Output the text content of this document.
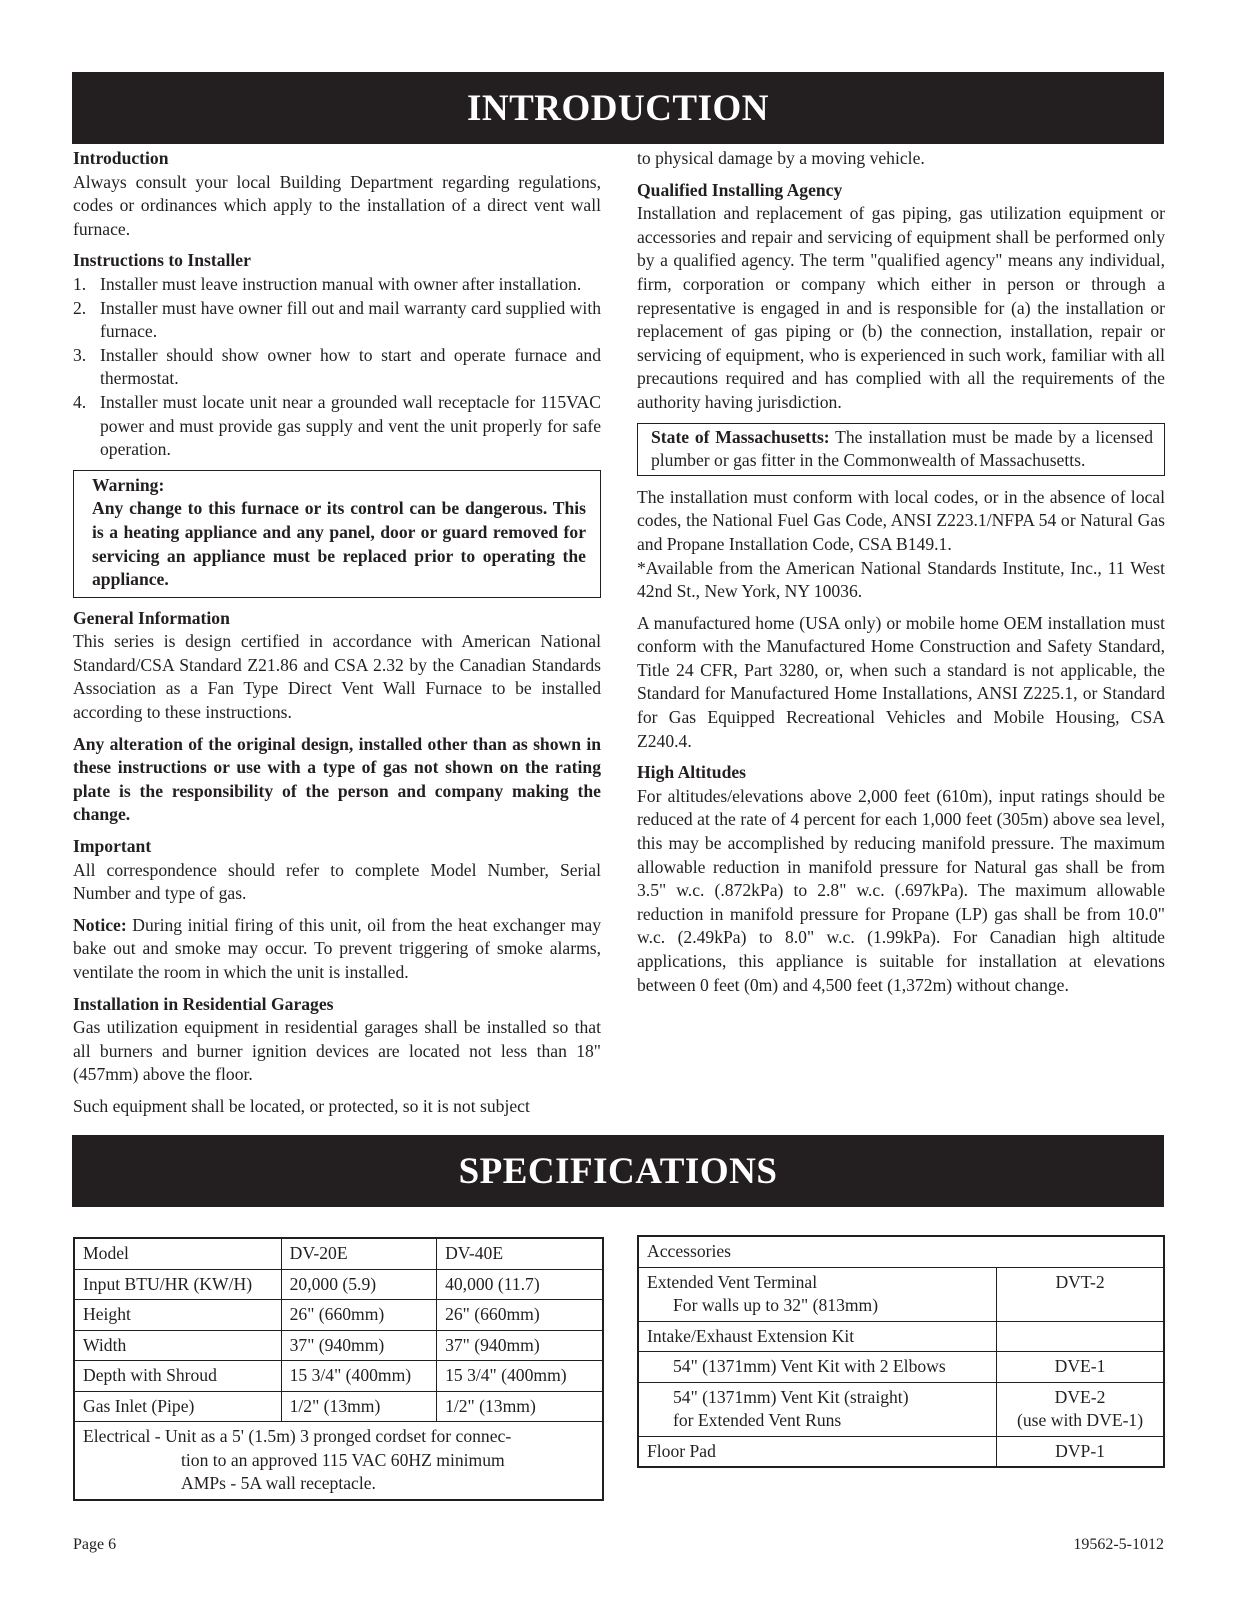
INTRODUCTION
Introduction

Always consult your local Building Department regarding regulations, codes or ordinances which apply to the installation of a direct vent wall furnace.

Instructions to Installer
1. Installer must leave instruction manual with owner after installation.
2. Installer must have owner fill out and mail warranty card supplied with furnace.
3. Installer should show owner how to start and operate furnace and thermostat.
4. Installer must locate unit near a grounded wall receptacle for 115VAC power and must provide gas supply and vent the unit properly for safe operation.

Warning:

Any change to this furnace or its control can be dangerous. This is a heating appliance and any panel, door or guard removed for servicing an appliance must be replaced prior to operating the appliance.

General Information

This series is design certified in accordance with American National Standard/CSA Standard Z21.86 and CSA 2.32 by the Canadian Standards Association as a Fan Type Direct Vent Wall Furnace to be installed according to these instructions.

Any alteration of the original design, installed other than as shown in these instructions or use with a type of gas not shown on the rating plate is the responsibility of the person and company making the change.

Important

All correspondence should refer to complete Model Number, Serial Number and type of gas.

Notice: During initial firing of this unit, oil from the heat exchanger may bake out and smoke may occur. To prevent triggering of smoke alarms, ventilate the room in which the unit is installed.

Installation in Residential Garages

Gas utilization equipment in residential garages shall be installed so that all burners and burner ignition devices are located not less than 18" (457mm) above the floor.

Such equipment shall be located, or protected, so it is not subject

to physical damage by a moving vehicle.

Qualified Installing Agency

Installation and replacement of gas piping, gas utilization equipment or accessories and repair and servicing of equipment shall be performed only by a qualified agency. The term "qualified agency" means any individual, firm, corporation or company which either in person or through a representative is engaged in and is responsible for (a) the installation or replacement of gas piping or (b) the connection, installation, repair or servicing of equipment, who is experienced in such work, familiar with all precautions required and has complied with all the requirements of the authority having jurisdiction.

State of Massachusetts: The installation must be made by a licensed plumber or gas fitter in the Commonwealth of Massachusetts.

The installation must conform with local codes, or in the absence of local codes, the National Fuel Gas Code, ANSI Z223.1/NFPA 54 or Natural Gas and Propane Installation Code, CSA B149.1.

*Available from the American National Standards Institute, Inc., 11 West 42nd St., New York, NY 10036.

A manufactured home (USA only) or mobile home OEM installation must conform with the Manufactured Home Construction and Safety Standard, Title 24 CFR, Part 3280, or, when such a standard is not applicable, the Standard for Manufactured Home Installations, ANSI Z225.1, or Standard for Gas Equipped Recreational Vehicles and Mobile Housing, CSA Z240.4.

High Altitudes

For altitudes/elevations above 2,000 feet (610m), input ratings should be reduced at the rate of 4 percent for each 1,000 feet (305m) above sea level, this may be accomplished by reducing manifold pressure. The maximum allowable reduction in manifold pressure for Natural gas shall be from 3.5" w.c. (.872kPa) to 2.8" w.c. (.697kPa). The maximum allowable reduction in manifold pressure for Propane (LP) gas shall be from 10.0" w.c. (2.49kPa) to 8.0" w.c. (1.99kPa). For Canadian high altitude applications, this appliance is suitable for installation at elevations between 0 feet (0m) and 4,500 feet (1,372m) without change.

SPECIFICATIONS
Model	DV-20E	DV-40E
Input BTU/HR (KW/H)	20,000 (5.9)	40,000 (11.7)
Height	26" (660mm)	26" (660mm)
Width	37" (940mm)	37" (940mm)
Depth with Shroud	15 3/4" (400mm)	15 3/4" (400mm)
Gas Inlet (Pipe)	1/2" (13mm)	1/2" (13mm)

Electrical - Unit as a 5' (1.5m) 3 pronged cordset for connec-
tion to an approved 115 VAC 60HZ minimum
AMPs - 5A wall receptacle.		
Accessories	

Extended Vent Terminal
For walls up to 32" (813mm)	DVT-2
Intake/Exhaust Extension Kit	

54" (1371mm) Vent Kit with 2 Elbows	DVE-1

54" (1371mm) Vent Kit (straight)
for Extended Vent Runs	DVE-2
(use with DVE-1)

Floor Pad	DVP-1
Page 6	19562-5-1012
